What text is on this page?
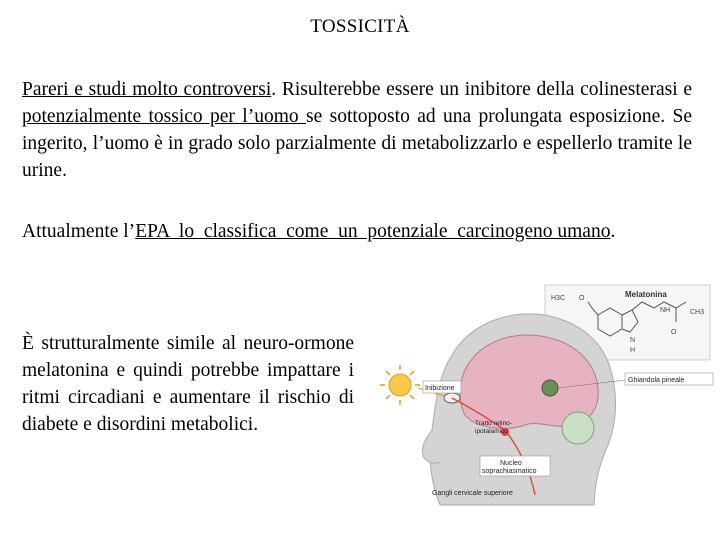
TOSSICITÀ
Pareri e studi molto controversi. Risulterebbe essere un inibitore della colinesterasi e potenzialmente tossico per l’uomo se sottoposto ad una prolungata esposizione. Se ingerito, l’uomo è in grado solo parzialmente di metabolizzarlo e espellerlo tramite le urine.
Attualmente l’EPA  lo  classifica  come  un  potenziale  carcinogeno umano.
È strutturalmente simile al neuro-ormone melatonina e quindi potrebbe impattare i ritmi circadiani e aumentare il rischio di diabete e disordini metabolici.
H3C O	Melatonina
NH	CH3
O
N
H
Inibizione
Ghiandola pineale
Tratto retino-
ipotalamico
Nucleo
soprachiasmatico
Gangli cervicale superiore
